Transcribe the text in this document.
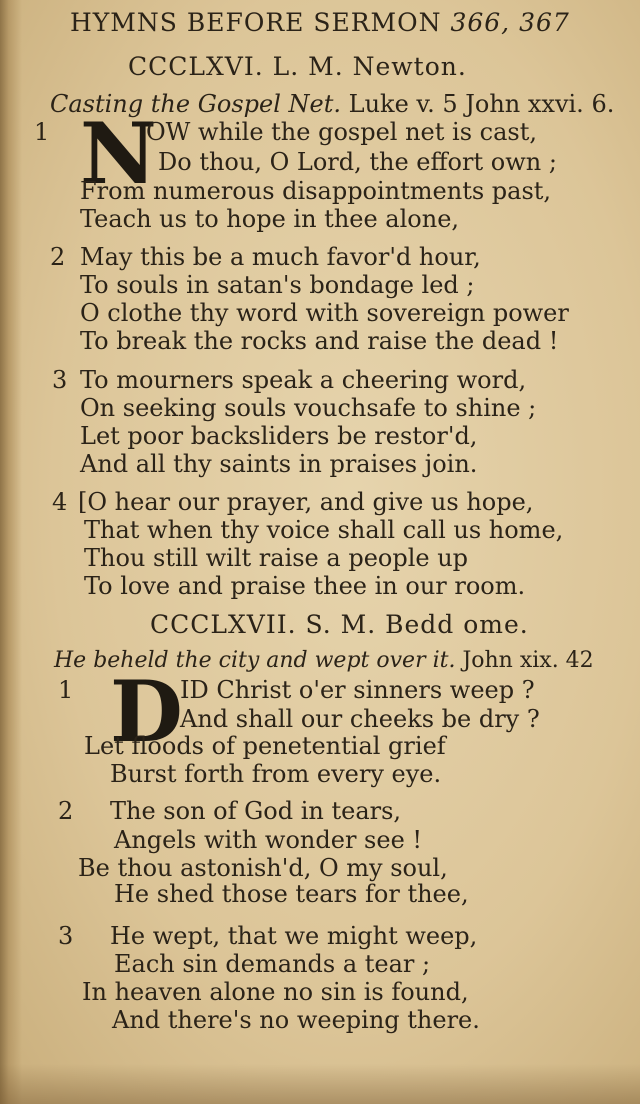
HYMNS BEFORE SERMON 366, 367
CCCLXVI. L. M. Newton.
Casting the Gospel Net. Luke v. 5 John xxvi. 6.
1 N
OW while the gospel net is cast,
Do thou, O Lord, the effort own ;
From numerous disappointments past,
Teach us to hope in thee alone,
2 May this be a much favor'd hour,
To souls in satan's bondage led ;
O clothe thy word with sovereign power
To break the rocks and raise the dead !
3 To mourners speak a cheering word,
On seeking souls vouchsafe to shine ;
Let poor backsliders be restor'd,
And all thy saints in praises join.
4 [O hear our prayer, and give us hope,
That when thy voice shall call us home,
Thou still wilt raise a people up
To love and praise thee in our room.
CCCLXVII. S. M. Bedd ome.
He beheld the city and wept over it. John xix. 42
1 D
ID Christ o'er sinners weep ?
And shall our cheeks be dry ?
Let floods of penetential grief
Burst forth from every eye.
2 The son of God in tears,
Angels with wonder see !
Be thou astonish'd, O my soul,
He shed those tears for thee,
3 He wept, that we might weep,
Each sin demands a tear ;
In heaven alone no sin is found,
And there's no weeping there.
